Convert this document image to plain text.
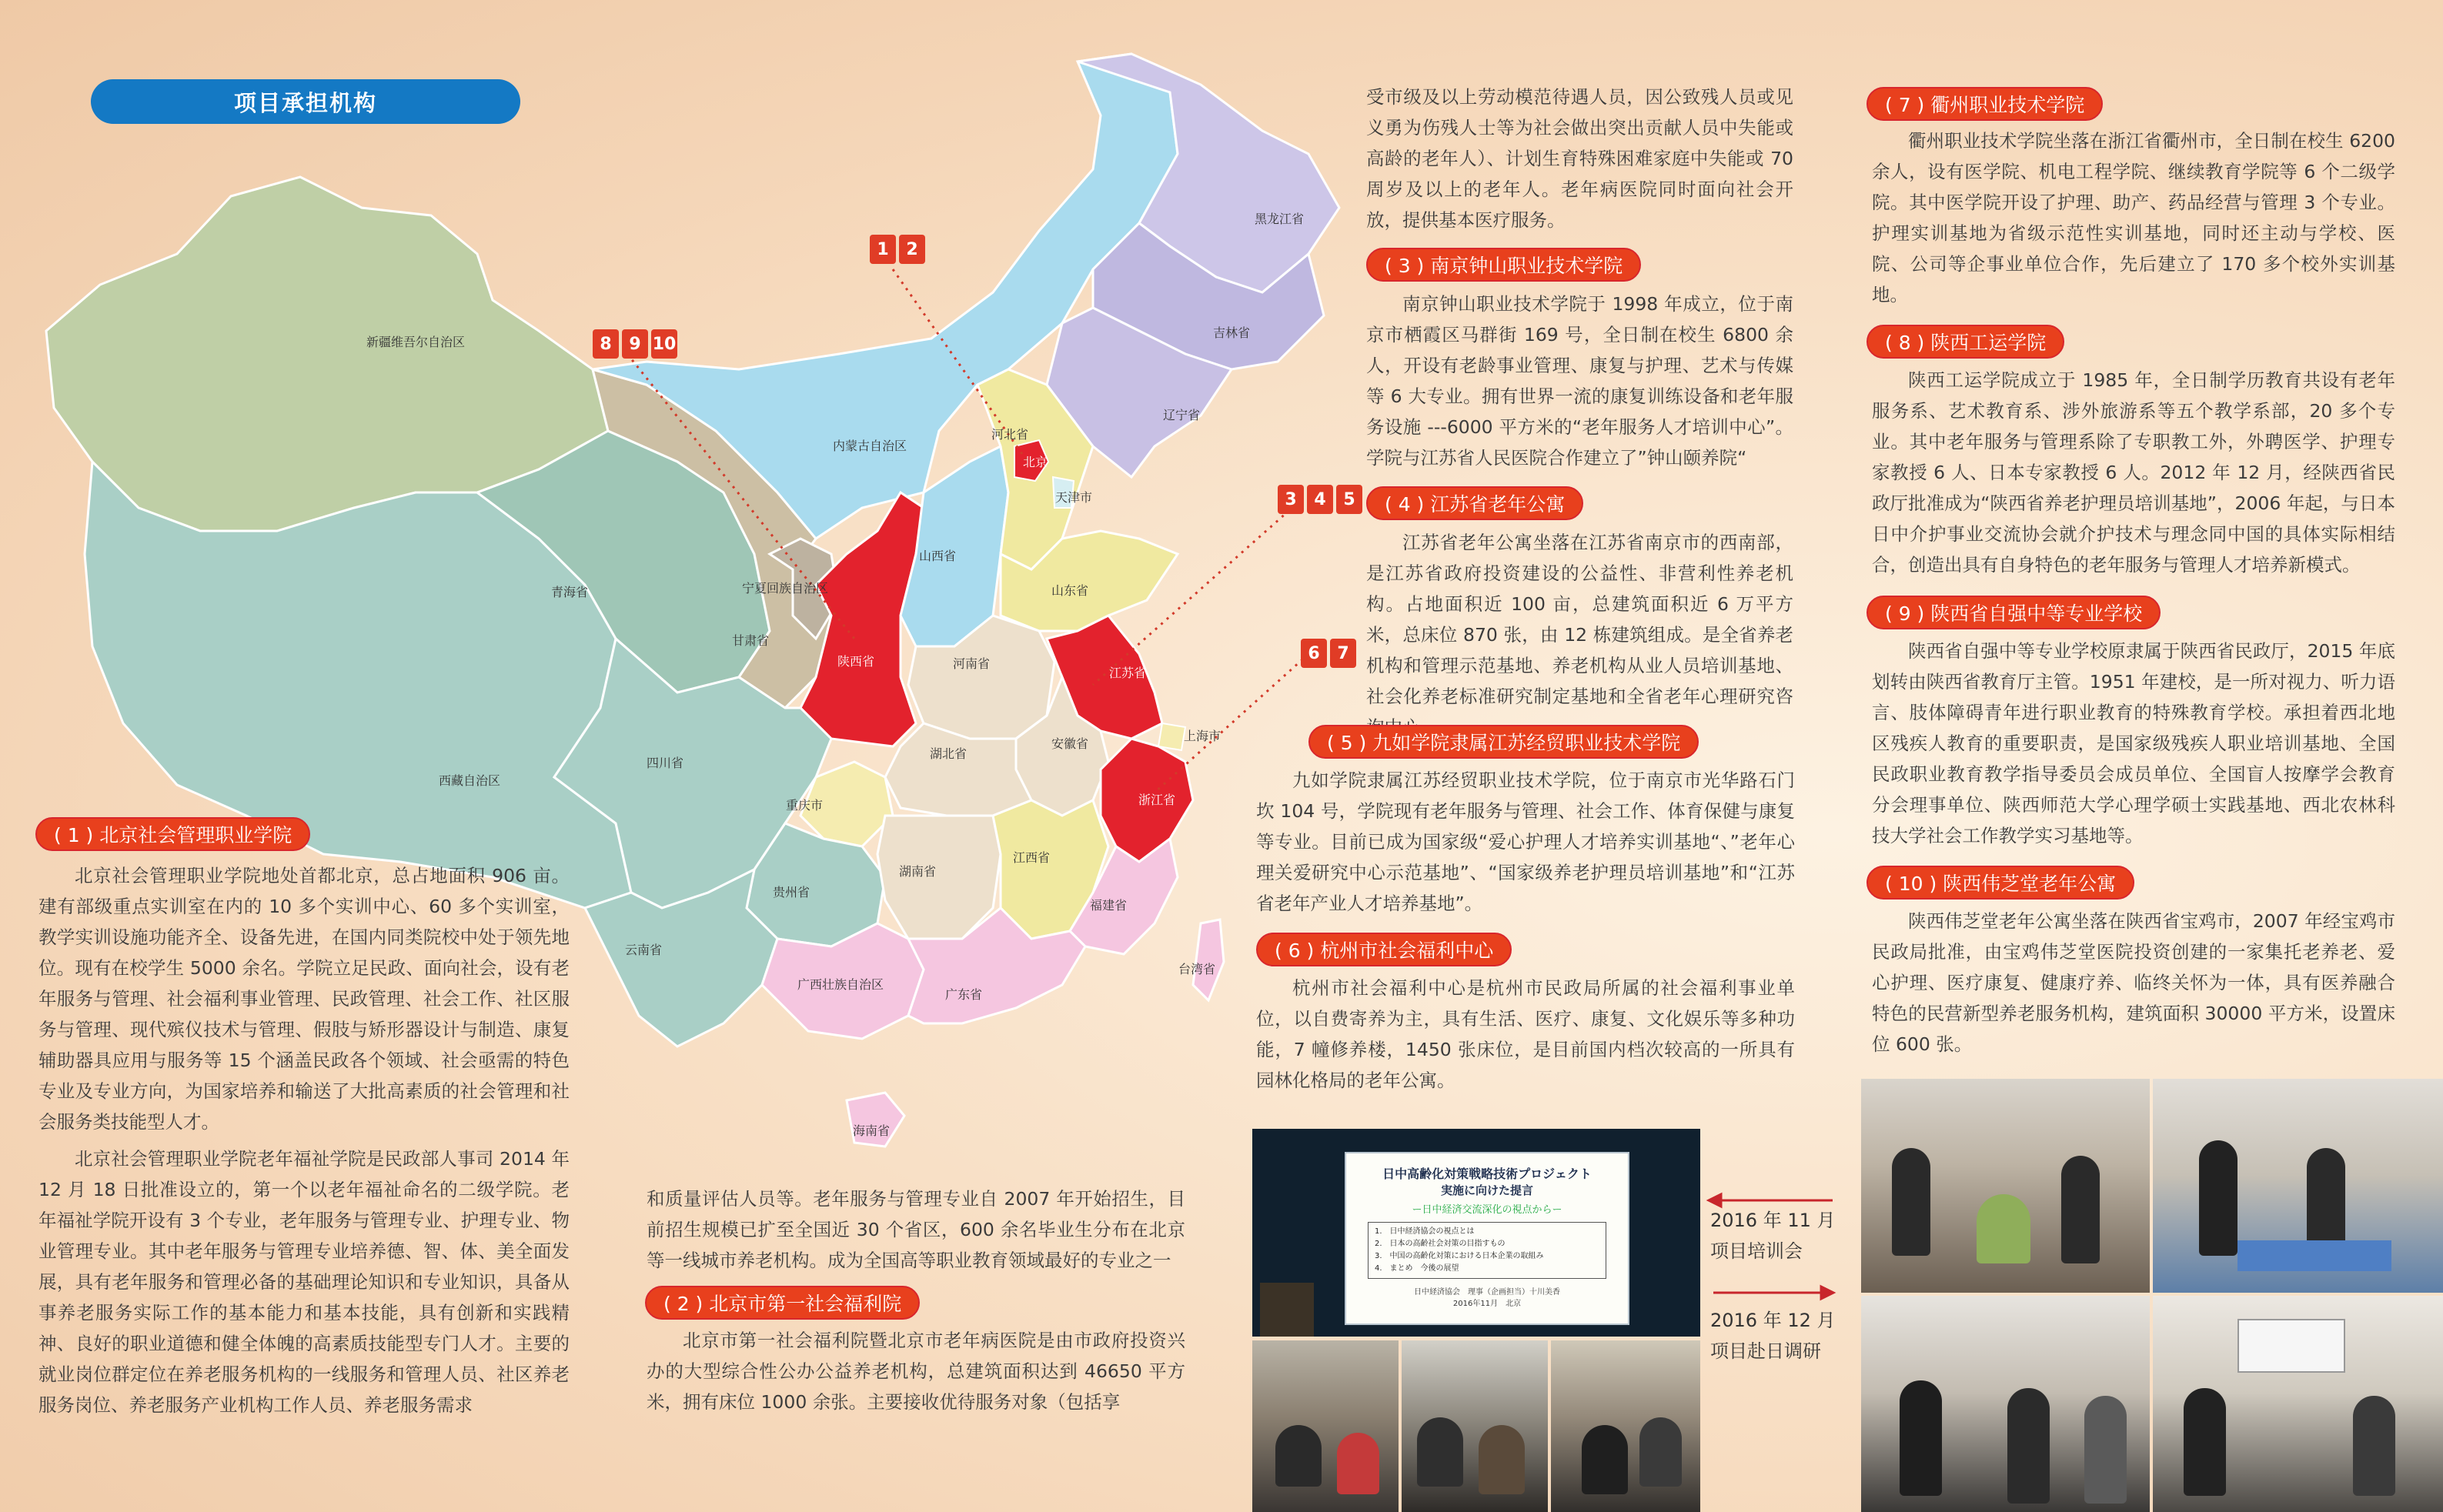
新疆维吾尔自治区
西藏自治区
青海省
甘肃省
内蒙古自治区
宁夏回族自治区
陕西省
山西省
河北省
北京
天津市
山东省
河南省
江苏省
上海市
安徽省
浙江省
湖北省
四川省
重庆市
贵州省
云南省
湖南省
江西省
福建省
台湾省
广西壮族自治区
广东省
海南省
黑龙江省
吉林省
辽宁省
项目承担机构
1	2
3	4	5
6	7
8	9 10
( 1 ) 北京社会管理职业学院

北京社会管理职业学院地处首都北京，总占地面积 906 亩。建有部级重点实训室在内的 10 多个实训中心、60 多个实训室，教学实训设施功能齐全、设备先进，在国内同类院校中处于领先地位。现有在校学生 5000 余名。学院立足民政、面向社会，设有老年服务与管理、社会福利事业管理、民政管理、社会工作、社区服务与管理、现代殡仪技术与管理、假肢与矫形器设计与制造、康复辅助器具应用与服务等 15 个涵盖民政各个领域、社会亟需的特色专业及专业方向，为国家培养和输送了大批高素质的社会管理和社会服务类技能型人才。

北京社会管理职业学院老年福祉学院是民政部人事司 2014 年 12 月 18 日批准设立的，第一个以老年福祉命名的二级学院。老年福祉学院开设有 3 个专业，老年服务与管理专业、护理专业、物业管理专业。其中老年服务与管理专业培养德、智、体、美全面发展，具有老年服务和管理必备的基础理论知识和专业知识，具备从事养老服务实际工作的基本能力和基本技能，具有创新和实践精神、良好的职业道德和健全体魄的高素质技能型专门人才。主要的就业岗位群定位在养老服务机构的一线服务和管理人员、社区养老服务岗位、养老服务产业机构工作人员、养老服务需求

和质量评估人员等。老年服务与管理专业自 2007 年开始招生，目前招生规模已扩至全国近 30 个省区，600 余名毕业生分布在北京等一线城市养老机构。成为全国高等职业教育领域最好的专业之一

( 2 ) 北京市第一社会福利院

北京市第一社会福利院暨北京市老年病医院是由市政府投资兴办的大型综合性公办公益养老机构，总建筑面积达到 46650 平方米，拥有床位 1000 余张。主要接收优待服务对象（包括享

受市级及以上劳动模范待遇人员，因公致残人员或见义勇为伤残人士等为社会做出突出贡献人员中失能或高龄的老年人）、计划生育特殊困难家庭中失能或 70 周岁及以上的老年人。老年病医院同时面向社会开放，提供基本医疗服务。

( 3 ) 南京钟山职业技术学院

南京钟山职业技术学院于 1998 年成立，位于南京市栖霞区马群街 169 号，全日制在校生 6800 余人，开设有老龄事业管理、康复与护理、艺术与传媒等 6 大专业。拥有世界一流的康复训练设备和老年服务设施 ---6000 平方米的“老年服务人才培训中心”。学院与江苏省人民医院合作建立了”钟山颐养院“

( 4 ) 江苏省老年公寓

江苏省老年公寓坐落在江苏省南京市的西南部，是江苏省政府投资建设的公益性、非营利性养老机构。占地面积近 100 亩，总建筑面积近 6 万平方米，总床位 870 张，由 12 栋建筑组成。是全省养老机构和管理示范基地、养老机构从业人员培训基地、社会化养老标准研究制定基地和全省老年心理研究咨

( 5 ) 九如学院隶属江苏经贸职业技术学院

九如学院隶属江苏经贸职业技术学院，位于南京市光华路石门坎 104 号，学院现有老年服务与管理、社会工作、体育保健与康复等专业。目前已成为国家级“爱心护理人才培养实训基地“、”老年心理关爱研究中心示范基地”、“国家级养老护理员培训基地”和“江苏省老年产业人才培养基地”。

( 6 ) 杭州市社会福利中心

杭州市社会福利中心是杭州市民政局所属的社会福利事业单位，以自费寄养为主，具有生活、医疗、康复、文化娱乐等多种功能，7 幢修养楼，1450 张床位，是目前国内档次较高的一所具有园林化格局的老年公寓。

( 7 ) 衢州职业技术学院

衢州职业技术学院坐落在浙江省衢州市，全日制在校生 6200 余人，设有医学院、机电工程学院、继续教育学院等 6 个二级学院。其中医学院开设了护理、助产、药品经营与管理 3 个专业。护理实训基地为省级示范性实训基地，同时还主动与学校、医院、公司等企事业单位合作，先后建立了 170 多个校外实训基地。

( 8 ) 陕西工运学院

陕西工运学院成立于 1985 年，全日制学历教育共设有老年服务系、艺术教育系、涉外旅游系等五个教学系部，20 多个专业。其中老年服务与管理系除了专职教工外，外聘医学、护理专家教授 6 人、日本专家教授 6 人。2012 年 12 月，经陕西省民政厅批准成为“陕西省养老护理员培训基地”，2006 年起，与日本日中介护事业交流协会就介护技术与理念同中国的具体实际相结合，创造出具有自身特色的老年服务与管理人才培养新模式。

( 9 ) 陕西省自强中等专业学校

陕西省自强中等专业学校原隶属于陕西省民政厅，2015 年底划转由陕西省教育厅主管。1951 年建校，是一所对视力、听力语言、肢体障碍青年进行职业教育的特殊教育学校。承担着西北地区残疾人教育的重要职责，是国家级残疾人职业培训基地、全国民政职业教育教学指导委员会成员单位、全国盲人按摩学会教育分会理事单位、陕西师范大学心理学硕士实践基地、西北农林科技大学社会工作教学实习基地等。

( 10 ) 陕西伟芝堂老年公寓

陕西伟芝堂老年公寓坐落在陕西省宝鸡市，2007 年经宝鸡市民政局批准，由宝鸡伟芝堂医院投资创建的一家集托老养老、爱心护理、医疗康复、健康疗养、临终关怀为一体，具有医养融合特色的民营新型养老服务机构，建筑面积 30000 平方米，设置床位 600 张。

日中高齢化対策戦略技術プロジェクト
実施に向けた提言
ー日中経済交流深化の視点からー
1.　日中経済協会の視点とは
2.　日本の高齢社会対策の目指すもの
3.　中国の高齢化対策における日本企業の取組み
4.　まとめ　今後の展望
日中経済協会　理事（企画担当）十川美香
2016年11月　北京
2016 年 11 月
项目培训会
2016 年 12 月
项目赴日调研
